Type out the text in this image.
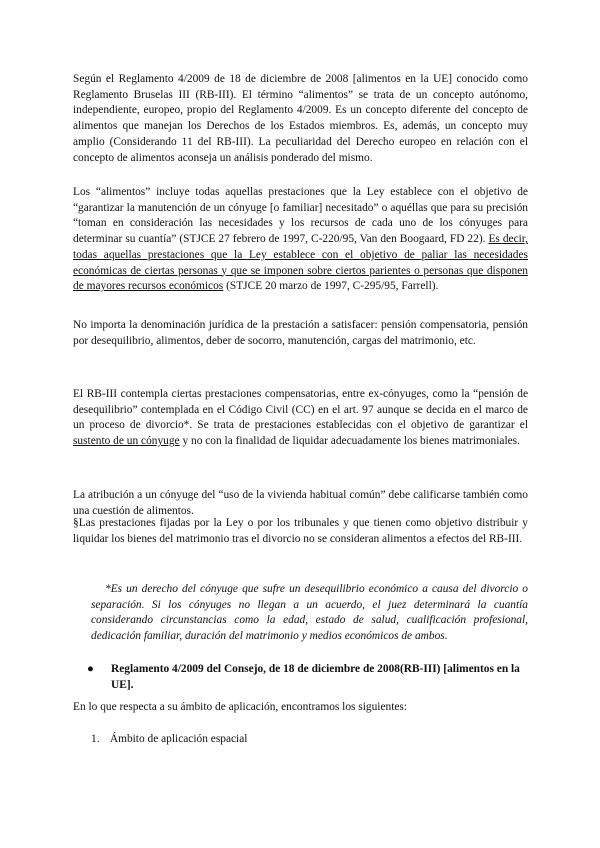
Según el Reglamento 4/2009 de 18 de diciembre de 2008 [alimentos en la UE] conocido como Reglamento Bruselas III (RB-III). El término “alimentos” se trata de un concepto autónomo, independiente, europeo, propio del Reglamento 4/2009. Es un concepto diferente del concepto de alimentos que manejan los Derechos de los Estados miembros. Es, además, un concepto muy amplio (Considerando 11 del RB-III). La peculiaridad del Derecho europeo en relación con el concepto de alimentos aconseja un análisis ponderado del mismo.

Los “alimentos” incluye todas aquellas prestaciones que la Ley establece con el objetivo de “garantizar la manutención de un cónyuge [o familiar] necesitado” o aquéllas que para su precisión “toman en consideración las necesidades y los recursos de cada uno de los cónyuges para determinar su cuantía” (STJCE 27 febrero de 1997, C-220/95, Van den Boogaard, FD 22). Es decir, todas aquellas prestaciones que la Ley establece con el objetivo de paliar las necesidades económicas de ciertas personas y que se imponen sobre ciertos parientes o personas que disponen de mayores recursos económicos (STJCE 20 marzo de 1997, C-295/95, Farrell).

No importa la denominación jurídica de la prestación a satisfacer: pensión compensatoria, pensión por desequilibrio, alimentos, deber de socorro, manutención, cargas del matrimonio, etc.

El RB-III contempla ciertas prestaciones compensatorias, entre ex-cónyuges, como la “pensión de desequilibrio” contemplada en el Código Civil (CC) en el art. 97 aunque se decida en el marco de un proceso de divorcio*. Se trata de prestaciones establecidas con el objetivo de garantizar el sustento de un cónyuge y no con la finalidad de liquidar adecuadamente los bienes matrimoniales.

La atribución a un cónyuge del “uso de la vivienda habitual común” debe calificarse también como una cuestión de alimentos.

§Las prestaciones fijadas por la Ley o por los tribunales y que tienen como objetivo distribuir y liquidar los bienes del matrimonio tras el divorcio no se consideran alimentos a efectos del RB-III.

*Es un derecho del cónyuge que sufre un desequilibrio económico a causa del divorcio o separación. Si los cónyuges no llegan a un acuerdo, el juez determinará la cuantía considerando circunstancias como la edad, estado de salud, cualificación profesional, dedicación familiar, duración del matrimonio y medios económicos de ambos.

●	Reglamento 4/2009 del Consejo, de 18 de diciembre de 2008(RB-III) [alimentos en la UE].

En lo que respecta a su ámbito de aplicación, encontramos los siguientes:

1. Ámbito de aplicación espacial
